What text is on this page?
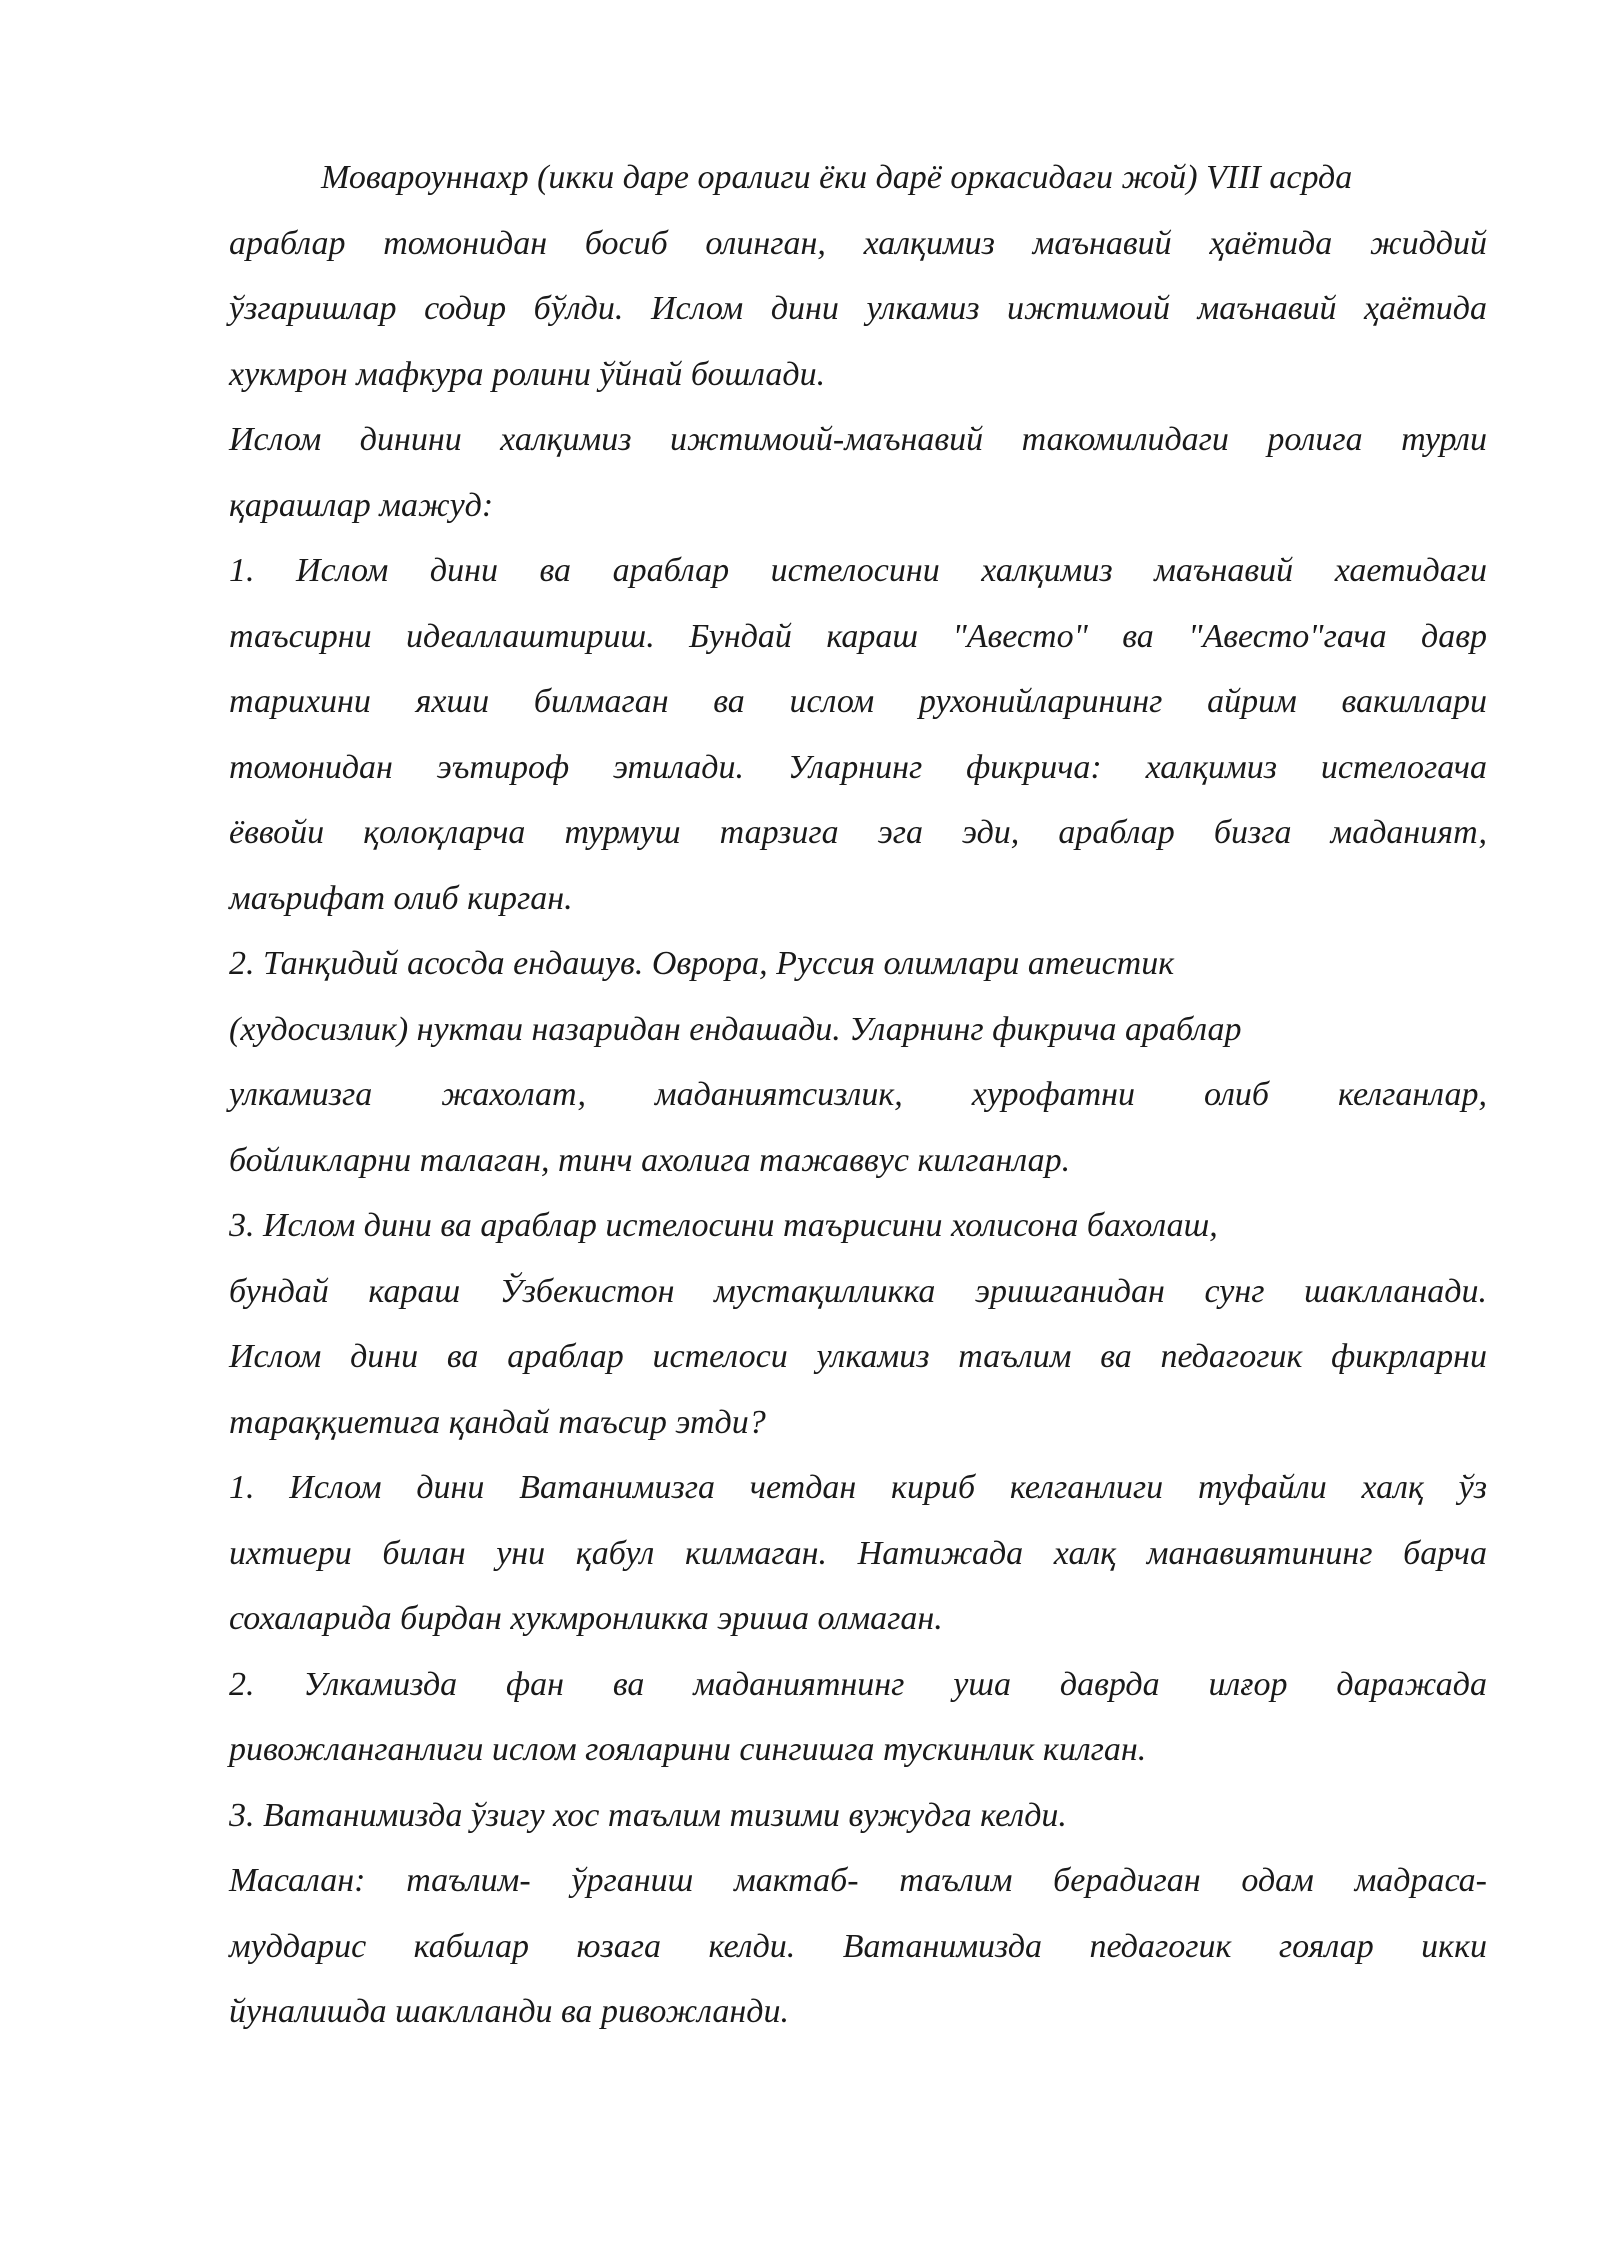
Мовароуннахр (икки даре оралиги ёки дарё оркасидаги жой) VIII асрда
араблар томонидан босиб олинган, халқимиз маънавий ҳаётида жиддий
ўзгаришлар содир бўлди. Ислом дини улкамиз ижтимоий маънавий ҳаётида
хукмрон мафкура ролини ўйнай бошлади.
Ислом динини халқимиз ижтимоий-маънавий такомилидаги ролига турли
қарашлар мажуд:
1. Ислом дини ва араблар истелосини халқимиз маънавий хаетидаги
таъсирни идеаллаштириш. Бундай караш "Авесто" ва "Авесто"гача давр
тарихини яхши билмаган ва ислом рухонийларининг айрим вакиллари
томонидан эътироф этилади. Уларнинг фикрича: халқимиз истелогача
ёввойи қолоқларча турмуш тарзига эга эди, араблар бизга маданият,
маърифат олиб кирган.
2. Танқидий асосда ендашув. Оврора, Руссия олимлари атеистик
(худосизлик) нуктаи назаридан ендашади. Уларнинг фикрича араблар
улкамизга жахолат, маданиятсизлик, хурофатни олиб келганлар,
бойликларни талаган, тинч ахолига тажаввус килганлар.
3. Ислом дини ва араблар истелосини таърисини холисона бахолаш,
бундай караш Ўзбекистон мустақилликка эришганидан сунг шаклланади.
Ислом дини ва араблар истелоси улкамиз таълим ва педагогик фикрларни
тараққиетига қандай таъсир этди?
1. Ислом дини Ватанимизга четдан кириб келганлиги туфайли халқ ўз
ихтиери билан уни қабул килмаган. Натижада халқ манавиятининг барча
сохаларида бирдан хукмронликка эриша олмаган.
2. Улкамизда фан ва маданиятнинг уша даврда илғор даражада
ривожланганлиги ислом гояларини сингишга тускинлик килган.
3. Ватанимизда ўзигу хос таълим тизими вужудга келди.
Масалан: таълим- ўрганиш мактаб- таълим берадиган одам мадраса-
муддарис кабилар юзага келди. Ватанимизда педагогик гоялар икки
йуналишда шаклланди ва ривожланди.
